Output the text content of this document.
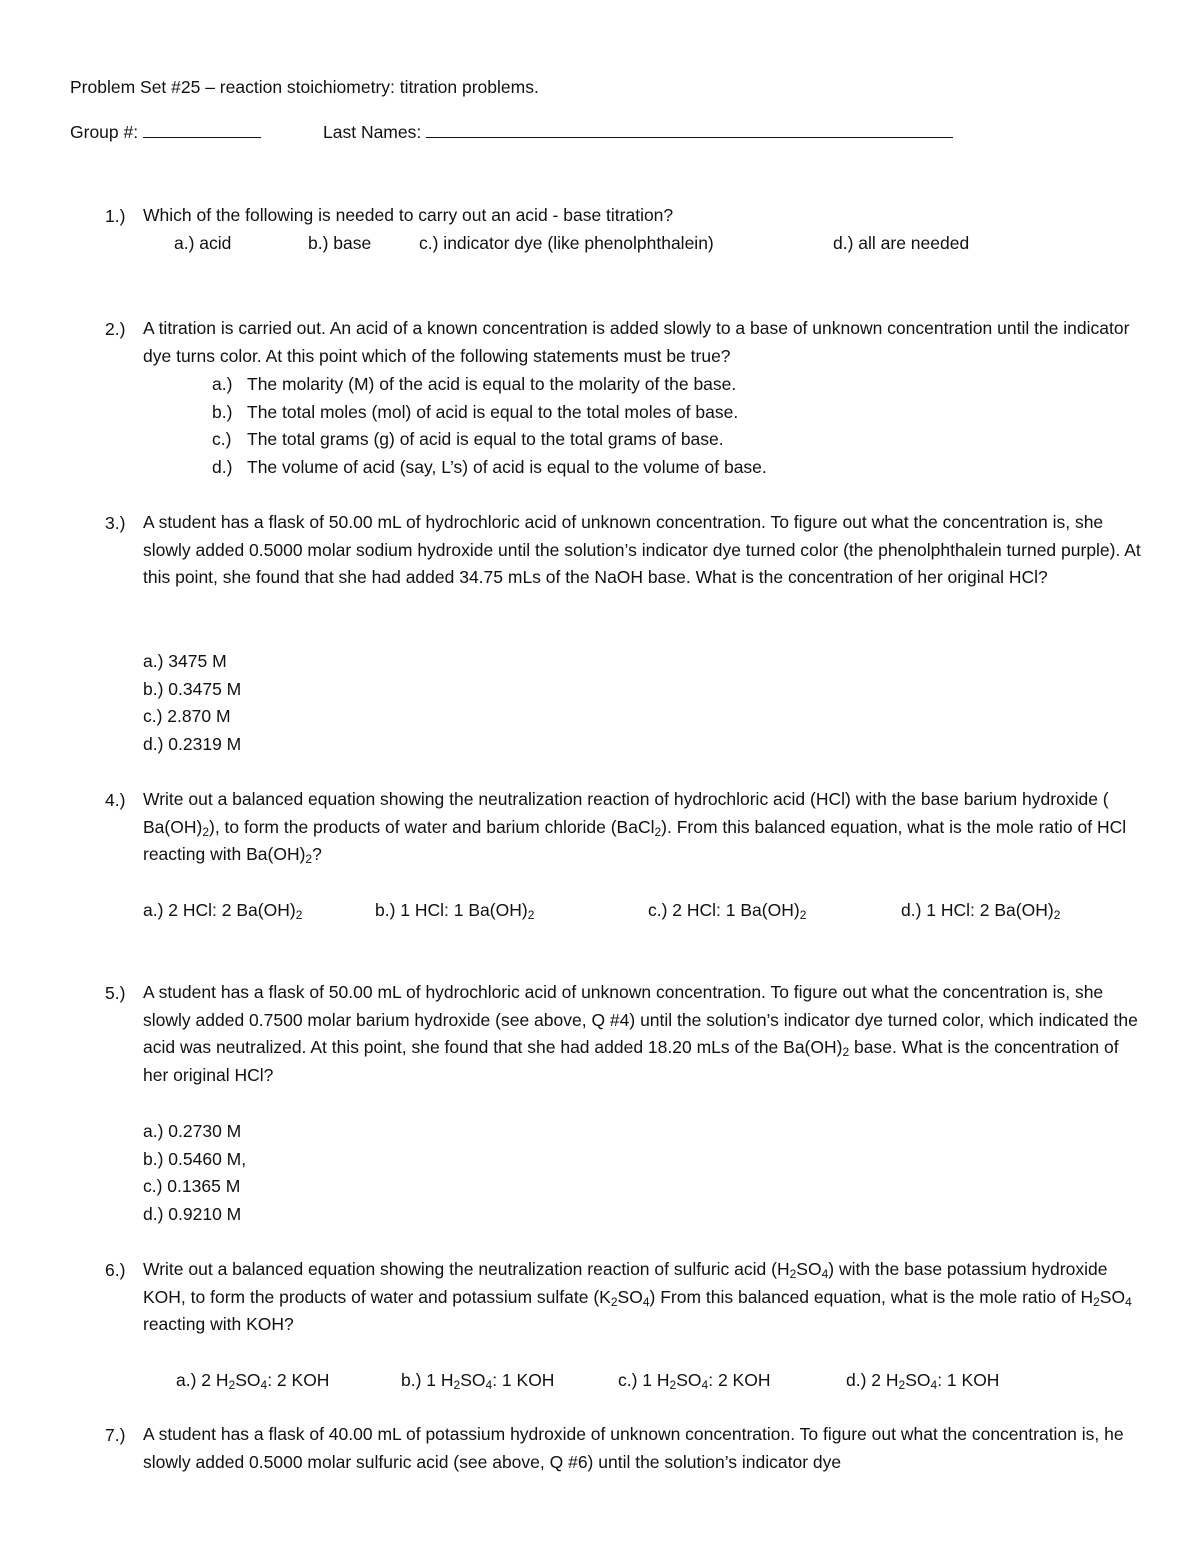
Problem Set #25 – reaction stoichiometry: titration problems.
Group #:	Last Names:
1.) Which of the following is needed to carry out an acid - base titration?
a.) acid	b.) base	c.) indicator dye (like phenolphthalein)	d.) all are needed
2.) A titration is carried out. An acid of a known concentration is added slowly to a base of unknown concentration until the indicator dye turns color. At this point which of the following statements must be true?
a.) The molarity (M) of the acid is equal to the molarity of the base.
b.) The total moles (mol) of acid is equal to the total moles of base.
c.) The total grams (g) of acid is equal to the total grams of base.
d.) The volume of acid (say, L’s) of acid is equal to the volume of base.
3.) A student has a flask of 50.00 mL of hydrochloric acid of unknown concentration. To figure out what the concentration is, she slowly added 0.5000 molar sodium hydroxide until the solution’s indicator dye turned color (the phenolphthalein turned purple). At this point, she found that she had added 34.75 mLs of the NaOH base. What is the concentration of her original HCl?
a.) 3475 M
b.) 0.3475 M
c.) 2.870 M
d.) 0.2319 M
4.) Write out a balanced equation showing the neutralization reaction of hydrochloric acid (HCl) with the base barium hydroxide ( $Ba(OH)_2$), to form the products of water and barium chloride (BaCl$_2$). From this balanced equation, what is the mole ratio of HCl reacting with $Ba(OH)_2$?
a.) 2 HCl: 2 $Ba(OH)_2$	b.) 1 HCl: 1 $Ba(OH)_2$	c.) 2 HCl: 1 $Ba(OH)_2$	d.) 1 HCl: 2 $Ba(OH)_2$
5.) A student has a flask of 50.00 mL of hydrochloric acid of unknown concentration. To figure out what the concentration is, she slowly added 0.7500 molar barium hydroxide (see above, Q #4) until the solution’s indicator dye turned color, which indicated the acid was neutralized. At this point, she found that she had added 18.20 mLs of the $Ba(OH)_2$ base. What is the concentration of her original HCl?
a.) 0.2730 M
b.) 0.5460 M,
c.) 0.1365 M
d.) 0.9210 M
6.) Write out a balanced equation showing the neutralization reaction of sulfuric acid $(H_2SO_4)$ with the base potassium hydroxide KOH, to form the products of water and potassium sulfate $(K_2SO_4)$ From this balanced equation, what is the mole ratio of $H_2SO_4$ reacting with KOH?
a.) 2 $H_2SO_4$: 2 KOH	b.) 1 $H_2SO_4$: 1 KOH	c.) 1 $H_2SO_4$: 2 KOH	d.) 2 $H_2SO_4$: 1 KOH
7.) A student has a flask of 40.00 mL of potassium hydroxide of unknown concentration. To figure out what the concentration is, he slowly added 0.5000 molar sulfuric acid (see above, Q #6) until the solution’s indicator dye
